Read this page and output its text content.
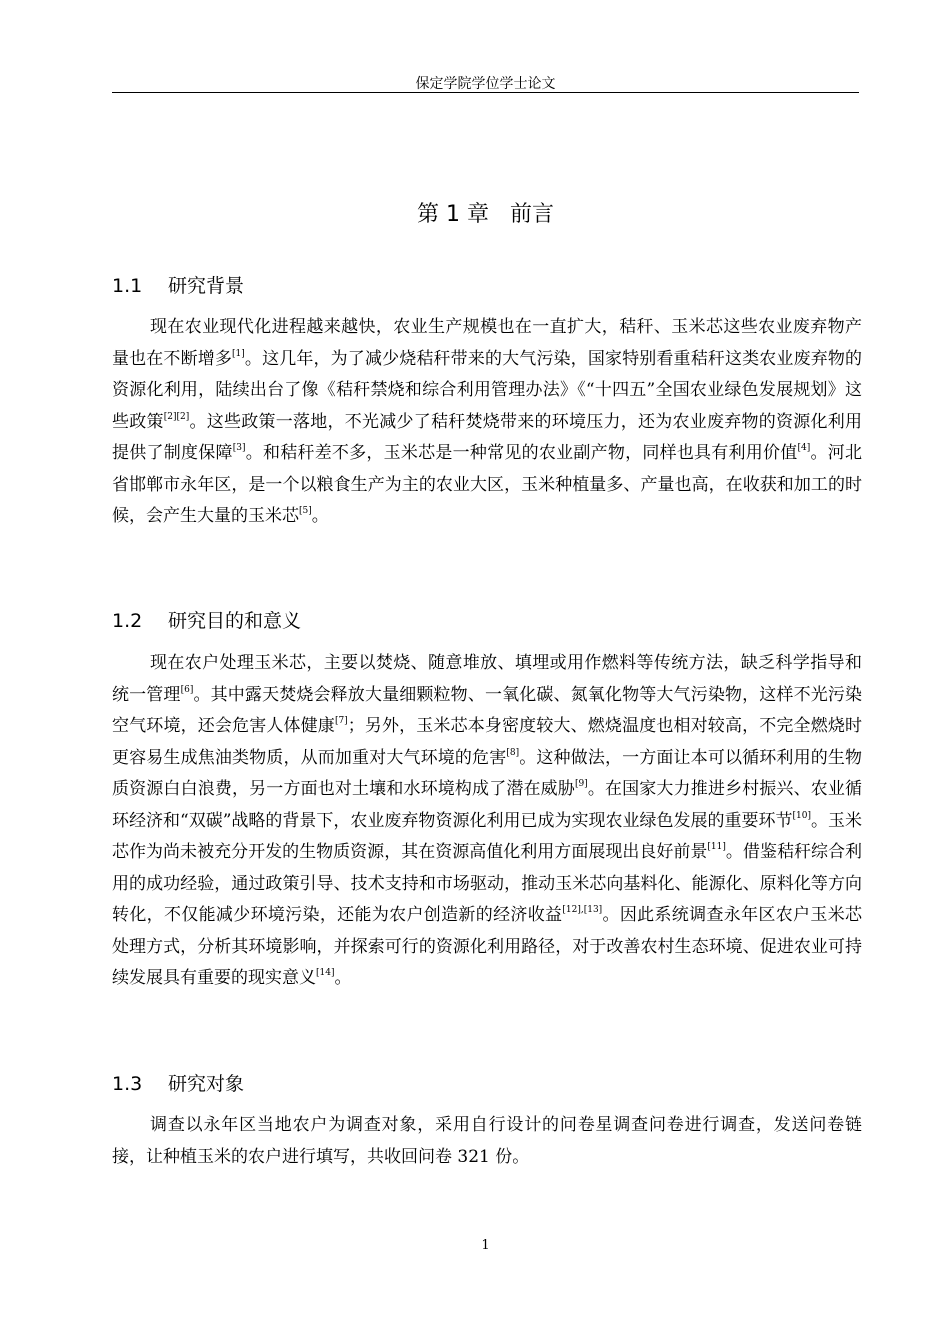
保定学院学位学士论文
第 1 章 前言
1.1 研究背景
现在农业现代化进程越来越快，农业生产规模也在一直扩大，秸秆、玉米芯这些农业废弃物产量也在不断增多[1]。这几年，为了减少烧秸秆带来的大气污染，国家特别看重秸秆这类农业废弃物的资源化利用，陆续出台了像《秸秆禁烧和综合利用管理办法》《“十四五”全国农业绿色发展规划》这些政策[2][2]。这些政策一落地，不光减少了秸秆焚烧带来的环境压力，还为农业废弃物的资源化利用提供了制度保障[3]。和秸秆差不多，玉米芯是一种常见的农业副产物，同样也具有利用价值[4]。河北省邯郸市永年区，是一个以粮食生产为主的农业大区，玉米种植量多、产量也高，在收获和加工的时候，会产生大量的玉米芯[5]。
1.2 研究目的和意义
现在农户处理玉米芯，主要以焚烧、随意堆放、填埋或用作燃料等传统方法，缺乏科学指导和统一管理[6]。其中露天焚烧会释放大量细颗粒物、一氧化碳、氮氧化物等大气污染物，这样不光污染空气环境，还会危害人体健康[7]；另外，玉米芯本身密度较大、燃烧温度也相对较高，不完全燃烧时更容易生成焦油类物质，从而加重对大气环境的危害[8]。这种做法，一方面让本可以循环利用的生物质资源白白浪费，另一方面也对土壤和水环境构成了潜在威胁[9]。在国家大力推进乡村振兴、农业循环经济和“双碳”战略的背景下，农业废弃物资源化利用已成为实现农业绿色发展的重要环节[10]。玉米芯作为尚未被充分开发的生物质资源，其在资源高值化利用方面展现出良好前景[11]。借鉴秸秆综合利用的成功经验，通过政策引导、技术支持和市场驱动，推动玉米芯向基料化、能源化、原料化等方向转化，不仅能减少环境污染，还能为农户创造新的经济收益[12],[13]。因此系统调查永年区农户玉米芯处理方式，分析其环境影响，并探索可行的资源化利用路径，对于改善农村生态环境、促进农业可持续发展具有重要的现实意义[14]。
1.3 研究对象
调查以永年区当地农户为调查对象，采用自行设计的问卷星调查问卷进行调查，发送问卷链接，让种植玉米的农户进行填写，共收回问卷 321 份。
1
